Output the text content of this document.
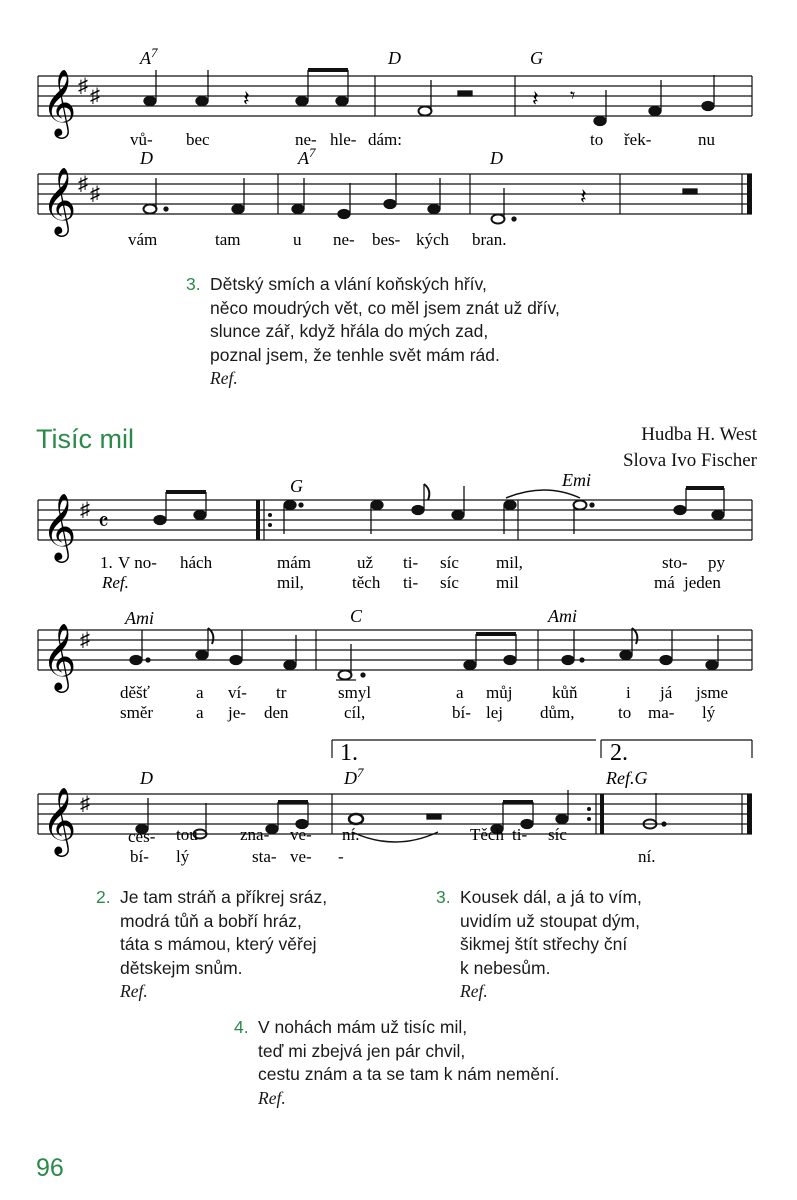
𝄞 ♯ ♯	𝄽	𝄽 𝄾
$A^7$	D	G
vů- bec	ne- hle- dám:	to řek-	nu
𝄞 ♯ ♯	𝄽
D	$A^7$	D
vám	tam	u ne- bes- kých bran.
3. Dětský smích a vlání koňských hřív,
něco moudrých vět, co měl jsem znát už dřív,
slunce zář, když hřála do mých zad,
poznal jsem, že tenhle svět mám rád.
Ref.
Tisíc mil	Hudba H. West
Slova Ivo Fischer
𝄞 ♯ 𝄴
G	Emi
1. V no- hách	mám	už ti- síc mil,	sto- py
Ref.	mil,	těch ti- síc mil	má jeden
𝄞 ♯
Ami	C	Ami
děšť	a ví- tr	smyl	a můj kůň	i já jsme
směr	a je- den	cíl,	bí- lej dům,	to ma- lý
1.	2.
𝄞 ♯
D	$D^7$	Ref.G
ces- tou zna- ve- ní.	Těch ti- síc
bí- lý	sta- ve- -	ní.
2. Je tam stráň a příkrej sráz,
modrá tůň a bobří hráz,
táta s mámou, který věřej
dětskejm snům.
Ref.
3. Kousek dál, a já to vím,
uvidím už stoupat dým,
šikmej štít střechy ční
k nebesům.
Ref.
4. V nohách mám už tisíc mil,
teď mi zbejvá jen pár chvil,
cestu znám a ta se tam k nám nemění.
Ref.
96
